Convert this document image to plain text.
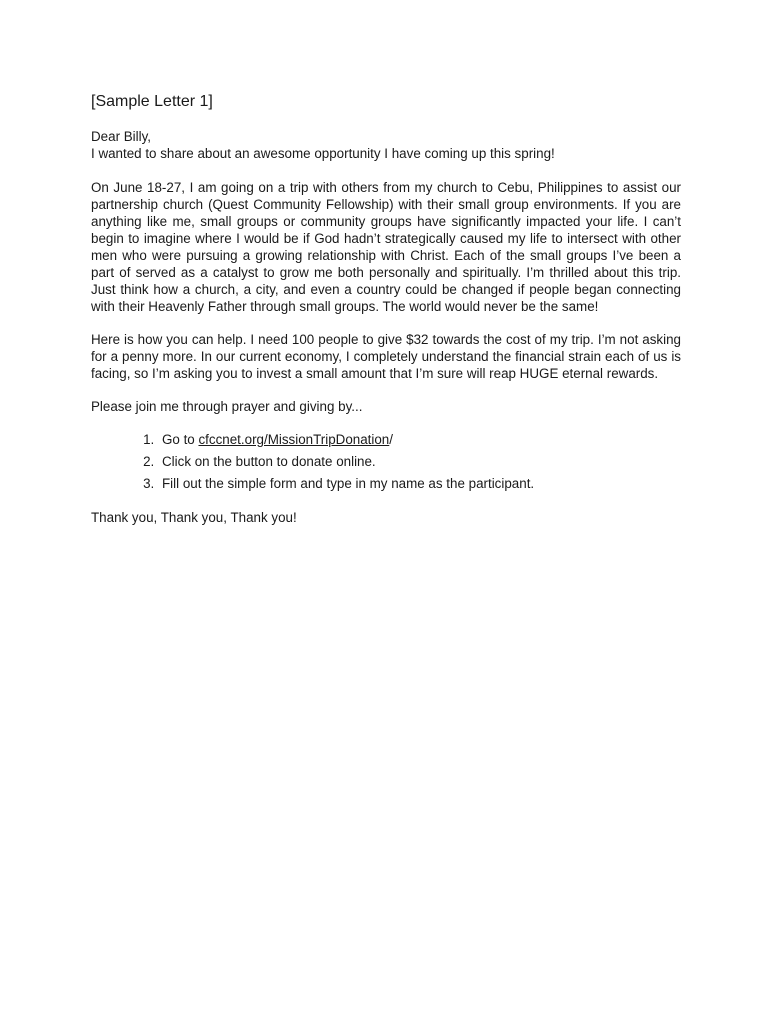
[Sample Letter 1]

Dear Billy,

I wanted to share about an awesome opportunity I have coming up this spring!

On June 18-27, I am going on a trip with others from my church to Cebu, Philippines to assist our partnership church (Quest Community Fellowship) with their small group environments. If you are anything like me, small groups or community groups have significantly impacted your life. I can’t begin to imagine where I would be if God hadn’t strategically caused my life to intersect with other men who were pursuing a growing relationship with Christ. Each of the small groups I’ve been a part of served as a catalyst to grow me both personally and spiritually. I’m thrilled about this trip. Just think how a church, a city, and even a country could be changed if people began connecting with their Heavenly Father through small groups. The world would never be the same!

Here is how you can help. I need 100 people to give $32 towards the cost of my trip. I’m not asking for a penny more. In our current economy, I completely understand the financial strain each of us is facing, so I’m asking you to invest a small amount that I’m sure will reap HUGE eternal rewards.

Please join me through prayer and giving by...

1. Go to cfccnet.org/MissionTripDonation/
2. Click on the button to donate online.
3. Fill out the simple form and type in my name as the participant.

Thank you, Thank you, Thank you!
